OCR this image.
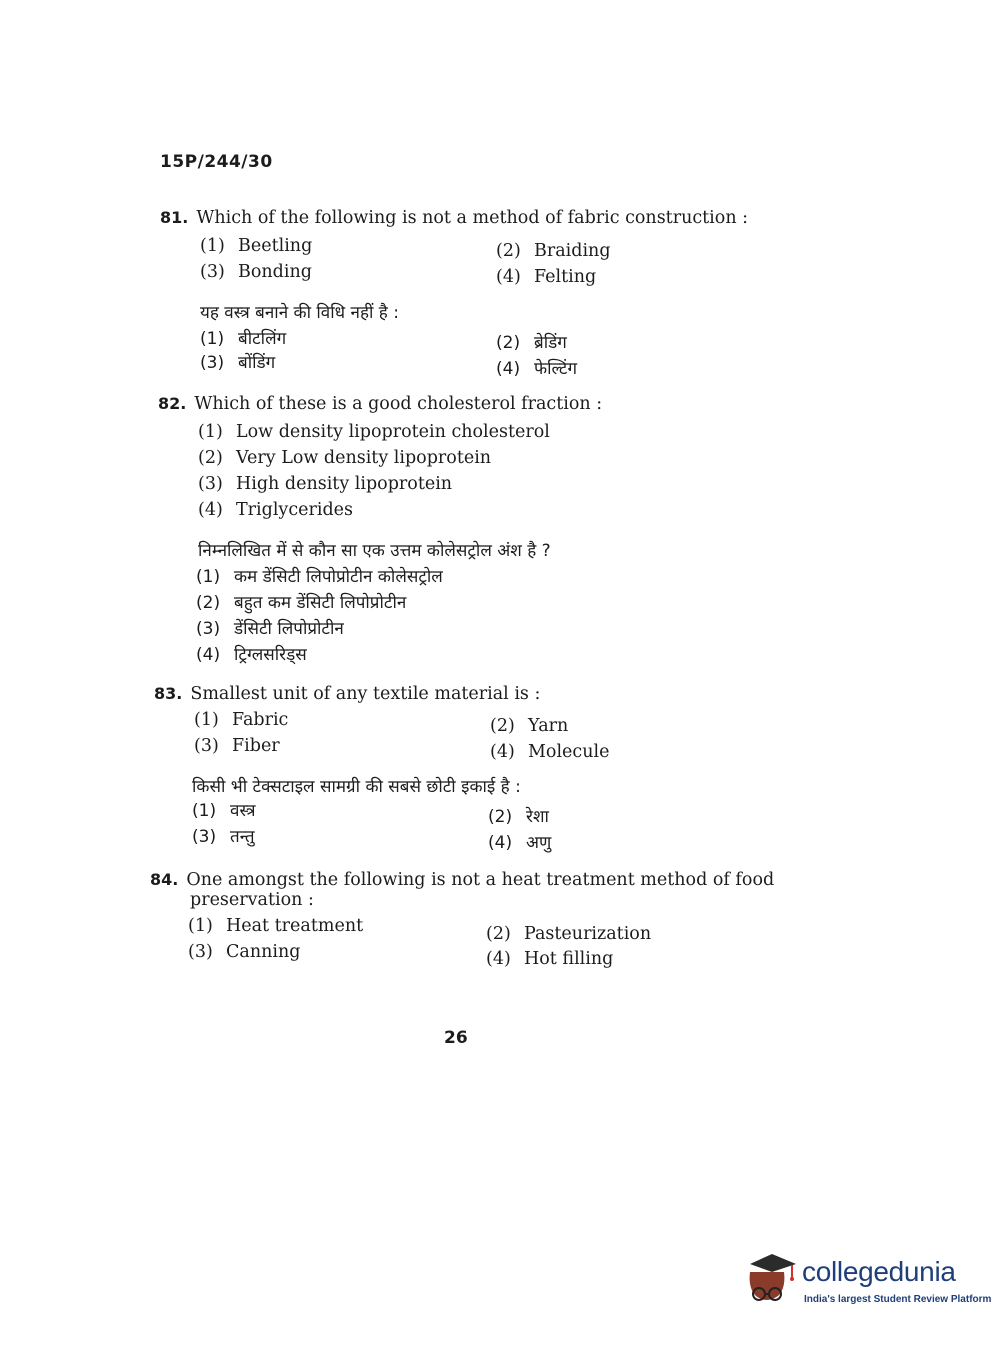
15P/244/30
81. Which of the following is not a method of fabric construction :
(1) Beetling	(2) Braiding
(3) Bonding	(4) Felting
यह वस्त्र बनाने की विधि नहीं है :
(1) बीटलिंग	(2) ब्रेडिंग
(3) बोंडिंग	(4) फेल्टिंग
82. Which of these is a good cholesterol fraction :
(1) Low density lipoprotein cholesterol
(2) Very Low density lipoprotein
(3) High density lipoprotein
(4) Triglycerides
निम्नलिखित में से कौन सा एक उत्तम कोलेसट्रोल अंश है ?
(1) कम डेंसिटी लिपोप्रोटीन कोलेसट्रोल
(2) बहुत कम डेंसिटी लिपोप्रोटीन
(3) डेंसिटी लिपोप्रोटीन
(4) ट्रिग्लसरिड्स
83. Smallest unit of any textile material is :
(1) Fabric	(2) Yarn
(3) Fiber	(4) Molecule
किसी भी टेक्सटाइल सामग्री की सबसे छोटी इकाई है :
(1) वस्त्र	(2) रेशा
(3) तन्तु	(4) अणु
84. One amongst the following is not a heat treatment method of food
preservation :
(1) Heat treatment	(2) Pasteurization
(3) Canning	(4) Hot filling
26
collegedunia
India's largest Student Review Platform
